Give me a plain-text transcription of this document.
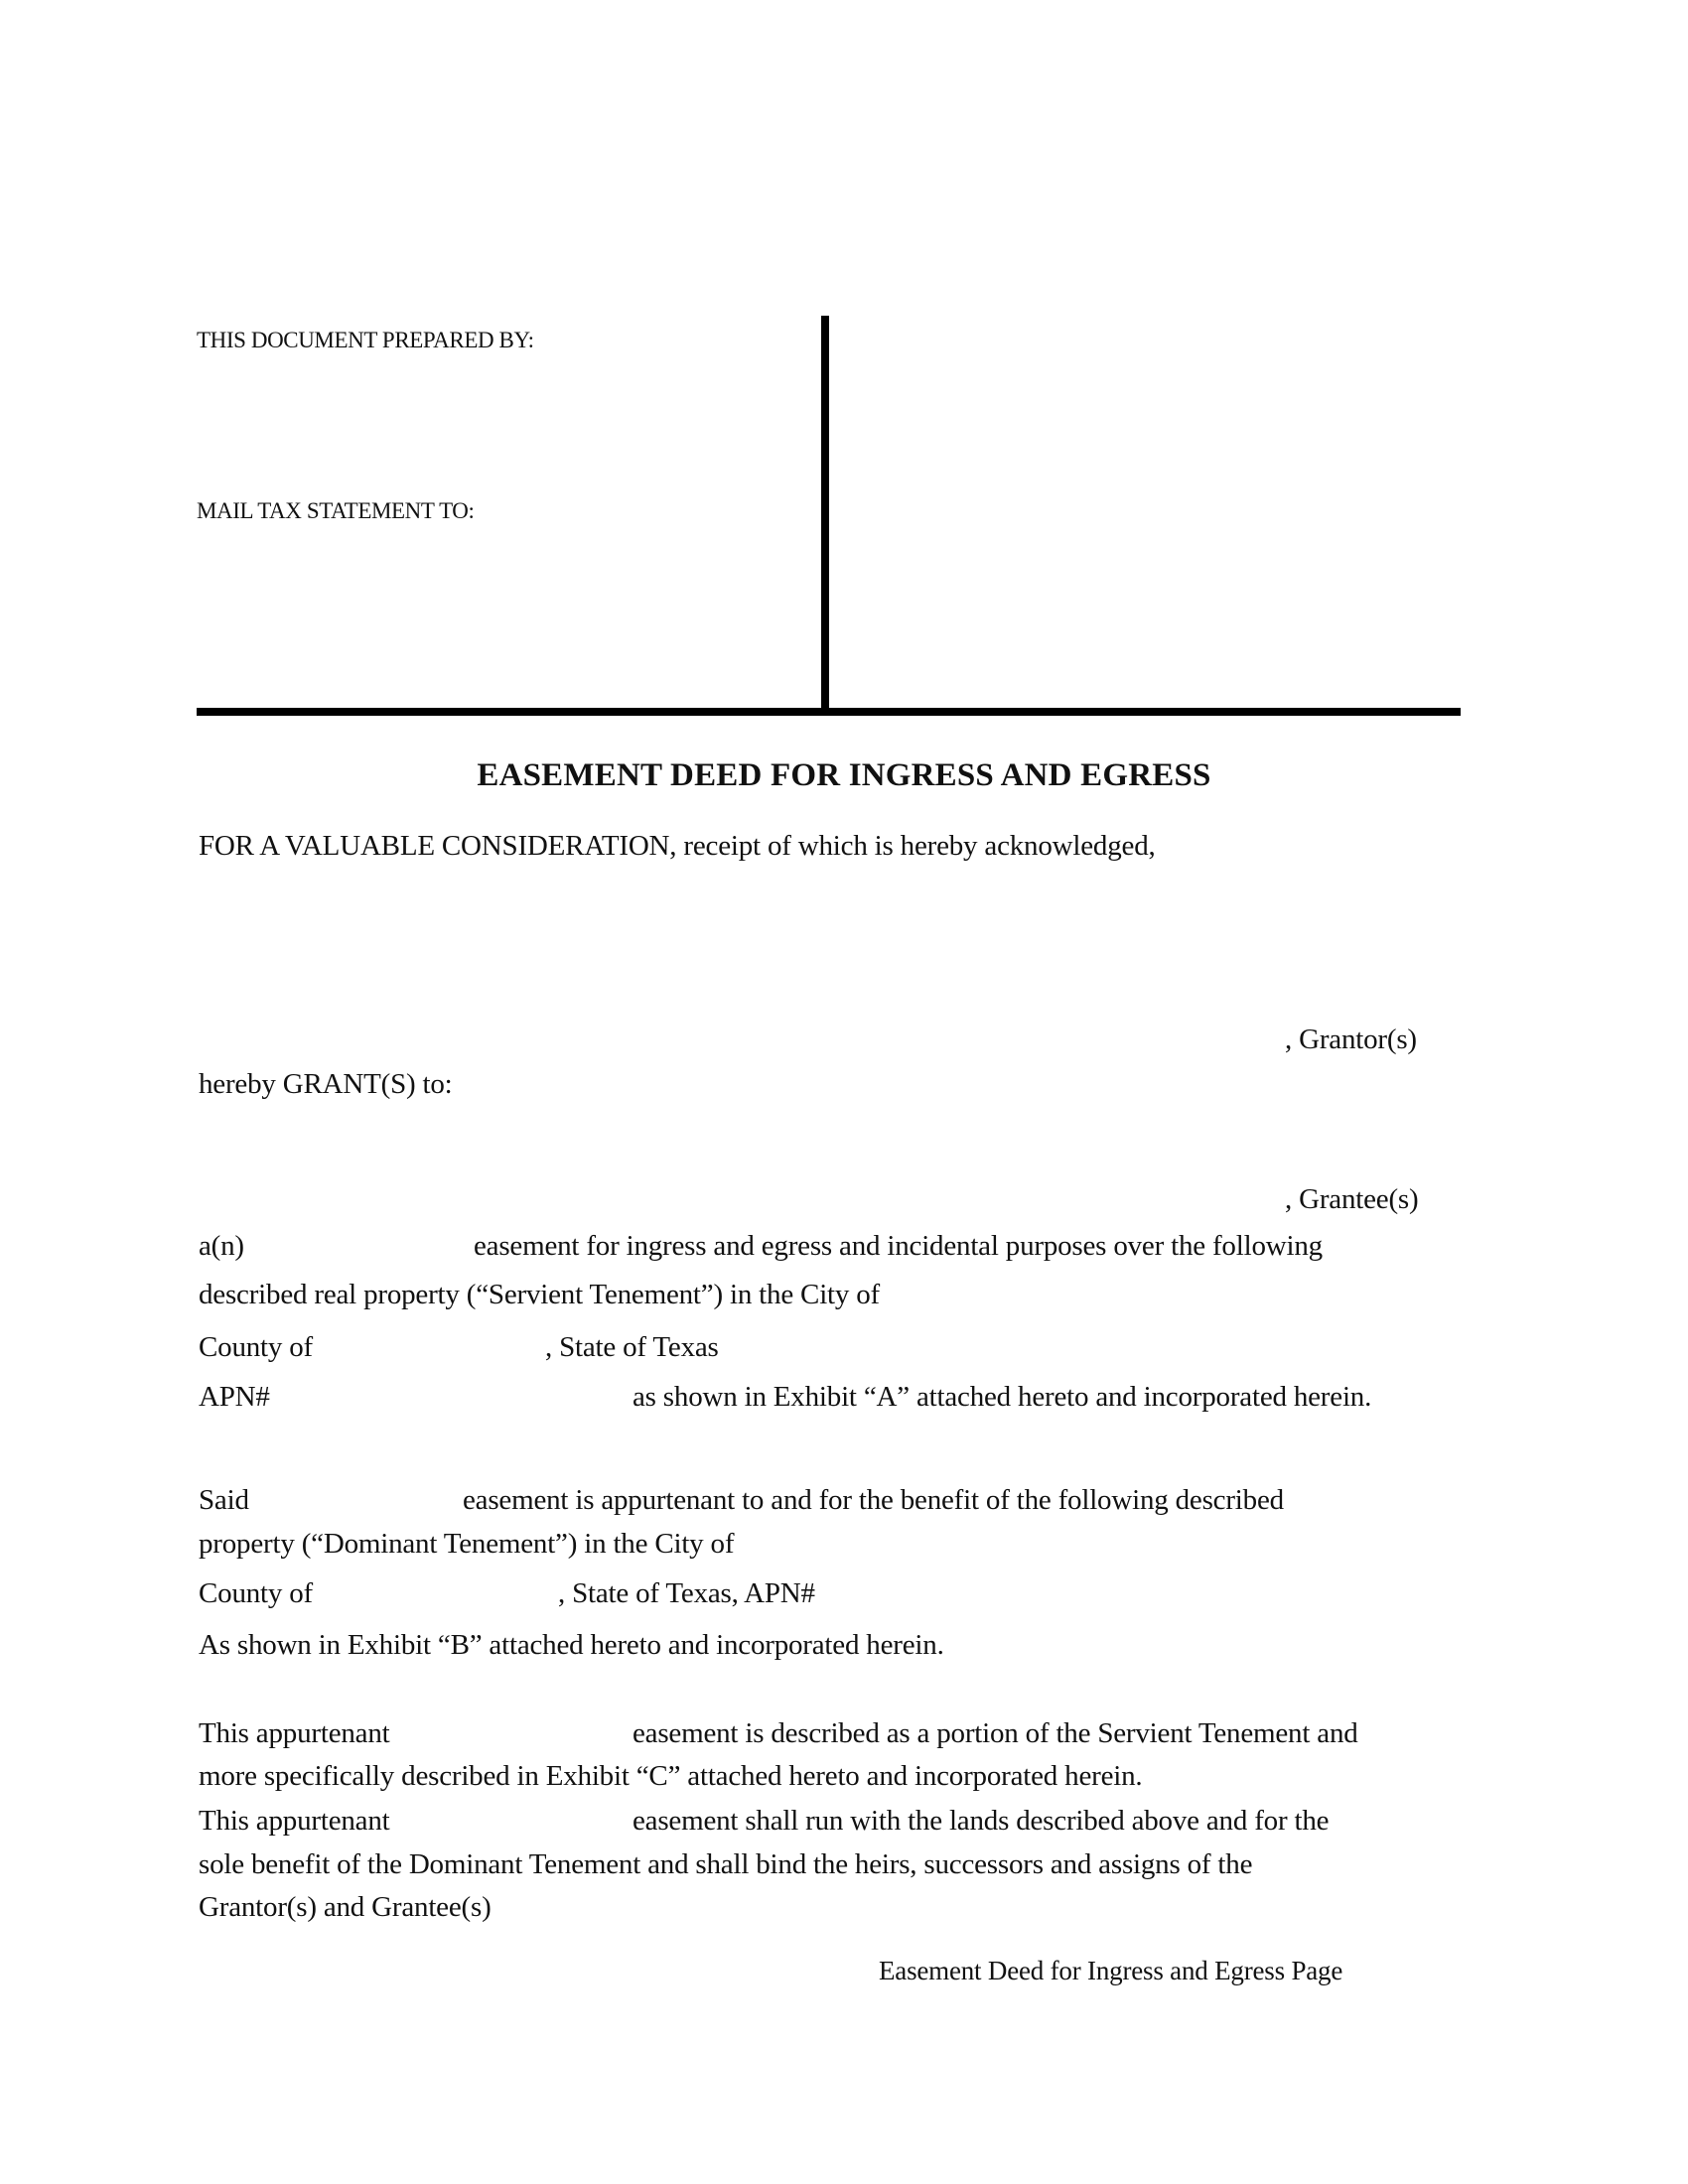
THIS DOCUMENT PREPARED BY:
MAIL TAX STATEMENT TO:
EASEMENT DEED FOR INGRESS AND EGRESS
FOR A VALUABLE CONSIDERATION, receipt of which is hereby acknowledged,
, Grantor(s)
hereby GRANT(S) to:
, Grantee(s)
a(n)	easement for ingress and egress and incidental purposes over the following
described real property (“Servient Tenement”) in the City of
County of	, State of Texas
APN#	as shown in Exhibit “A” attached hereto and incorporated herein.
Said	easement is appurtenant to and for the benefit of the following described
property (“Dominant Tenement”) in the City of
County of	, State of Texas, APN#
As shown in Exhibit “B” attached hereto and incorporated herein.
This appurtenant	easement is described as a portion of the Servient Tenement and
more specifically described in Exhibit “C” attached hereto and incorporated herein.
This appurtenant	easement shall run with the lands described above and for the
sole benefit of the Dominant Tenement and shall bind the heirs, successors and assigns of the
Grantor(s) and Grantee(s)
Easement Deed for Ingress and Egress Page
